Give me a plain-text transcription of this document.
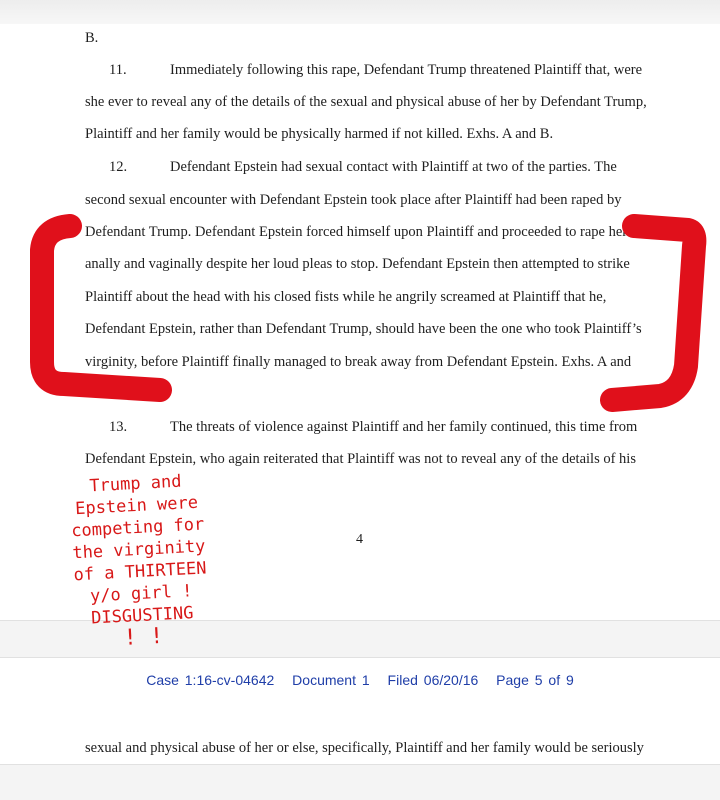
B.
11.	Immediately following this rape, Defendant Trump threatened Plaintiff that, were
she ever to reveal any of the details of the sexual and physical abuse of her by Defendant Trump,
Plaintiff and her family would be physically harmed if not killed. Exhs. A and B.
12.	Defendant Epstein had sexual contact with Plaintiff at two of the parties. The
second sexual encounter with Defendant Epstein took place after Plaintiff had been raped by
Defendant Trump. Defendant Epstein forced himself upon Plaintiff and proceeded to rape her
anally and vaginally despite her loud pleas to stop. Defendant Epstein then attempted to strike
Plaintiff about the head with his closed fists while he angrily screamed at Plaintiff that he,
Defendant Epstein, rather than Defendant Trump, should have been the one who took Plaintiff’s
virginity, before Plaintiff finally managed to break away from Defendant Epstein. Exhs. A and
13.	The threats of violence against Plaintiff and her family continued, this time from
Defendant Epstein, who again reiterated that Plaintiff was not to reveal any of the details of his
4
Case 1:16-cv-04642 Document 1 Filed 06/20/16 Page 5 of 9
sexual and physical abuse of her or else, specifically, Plaintiff and her family would be seriously
Trump and
Epstein were
competing for
the virginity
of a THIRTEEN
y/o girl !
DISGUSTING
! !
